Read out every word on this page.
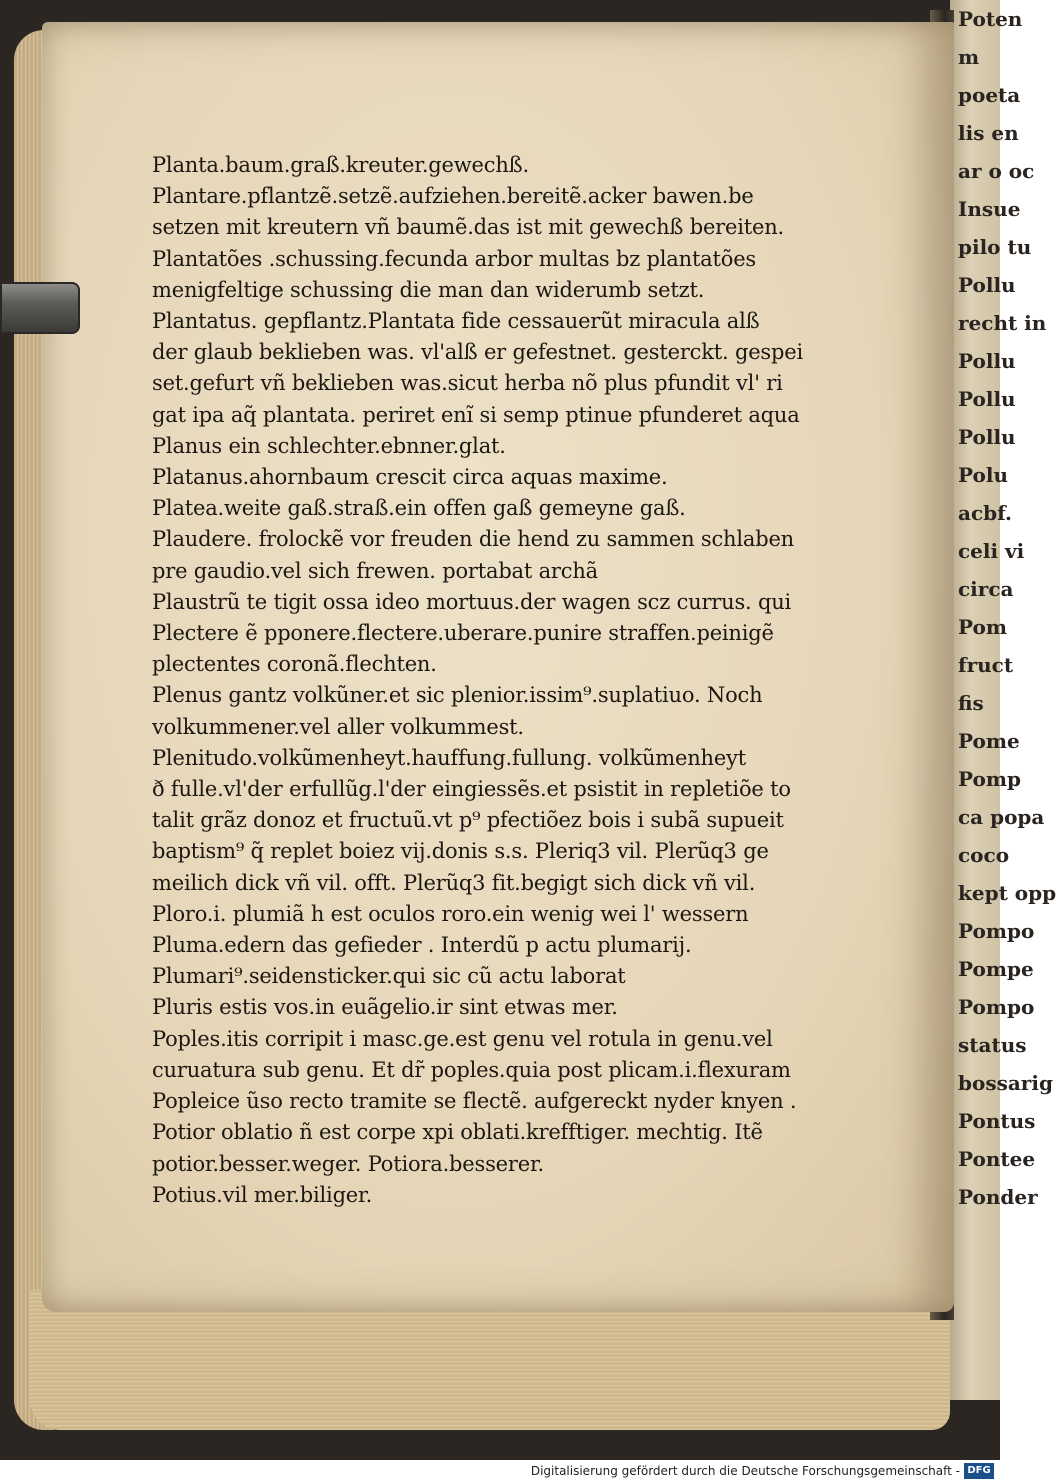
Poten
m
poeta
lis en
ar o oc
Insue
pilo tu
Pollu
recht in
Pollu
Pollu
Pollu
Polu
acbf.
celi vi
circa
Pom
fruct
fis
Pome
Pomp
ca popa
coco
kept opp
Pompo
Pompe
Pompo
status
bossarig
Pontus
Pontee
Ponder
Planta.baum.graß.kreuter.gewechß.
Plantare.pflantzẽ.setzẽ.aufziehen.bereitẽ.acker bawen.be
setzen mit kreutern vñ baumẽ.das ist mit gewechß bereiten.
Plantatões .schussing.fecunda arbor multas bz plantatões
menigfeltige schussing die man dan widerumb setzt.
Plantatus. gepflantz.Plantata fide cessauerũt miracula alß
der glaub beklieben was. vl'alß er gefestnet. gesterckt. gespei
set.gefurt vñ beklieben was.sicut herba nõ plus pfundit vl' ri
gat ipa aq̃ plantata. periret enĩ si semp ptinue pfunderet aqua
Planus ein schlechter.ebnner.glat.
Platanus.ahornbaum crescit circa aquas maxime.
Platea.weite gaß.straß.ein offen gaß gemeyne gaß.
Plaudere. frolockẽ vor freuden die hend zu sammen schlaben
pre gaudio.vel sich frewen. portabat archã
Plaustrũ te tigit ossa ideo mortuus.der wagen scz currus. qui
Plectere ẽ pponere.flectere.uberare.punire straffen.peinigẽ
plectentes coronã.flechten.
Plenus gantz volkũner.et sic plenior.issim⁹.suplatiuo. Noch
volkummener.vel aller volkummest.
Plenitudo.volkũmenheyt.hauffung.fullung. volkũmenheyt
ð fulle.vl'der erfullũg.l'der eingiessẽs.et psistit in repletiõe to
talit grãz donoz et fructuũ.vt p⁹ pfectiõez bois i subã supueit
baptism⁹ q̃ replet boiez vij.donis s.s. Pleriq3 vil. Plerũq3 ge
meilich dick vñ vil. offt. Plerũq3 fit.begigt sich dick vñ vil.
Ploro.i. plumiã h est oculos roro.ein wenig wei l' wessern
Pluma.edern das gefieder . Interdũ p actu plumarij.
Plumari⁹.seidensticker.qui sic cũ actu laborat
Pluris estis vos.in euãgelio.ir sint etwas mer.
Poples.itis corripit i masc.ge.est genu vel rotula in genu.vel
curuatura sub genu. Et dr̃ poples.quia post plicam.i.flexuram
Popleice ũso recto tramite se flectẽ. aufgereckt nyder knyen .
Potior oblatio ñ est corpe xpi oblati.krefftiger. mechtig. Itẽ
potior.besser.weger. Potiora.besserer.
Potius.vil mer.biliger.
Digitalisierung gefördert durch die Deutsche Forschungsgemeinschaft - DFG
